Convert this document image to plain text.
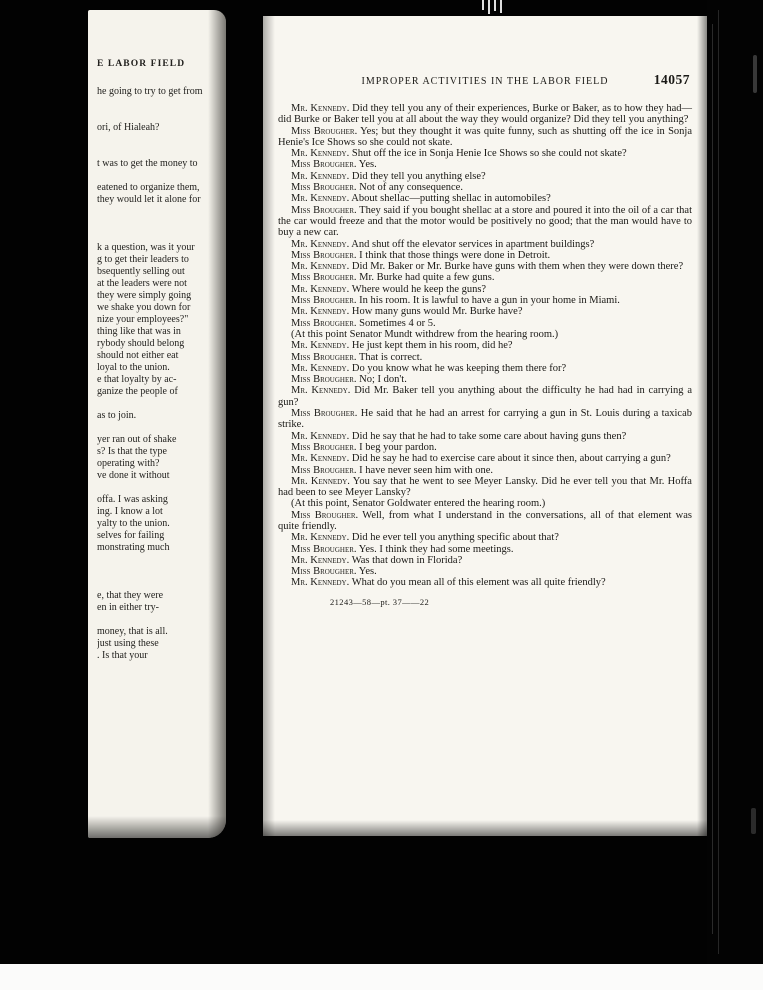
E LABOR FIELD
he going to try to get from
ori, of Hialeah?
t was to get the money to
eatened to organize them,
they would let it alone for
k a question, was it your
g to get their leaders to
bsequently selling out
at the leaders were not
they were simply going
we shake you down for
nize your employees?"
thing like that was in
rybody should belong
should not either eat
loyal to the union.
e that loyalty by ac-
ganize the people of
as to join.
yer ran out of shake
s? Is that the type
operating with?
ve done it without
offa. I was asking
ing. I know a lot
yalty to the union.
selves for failing
monstrating much
e, that they were
en in either try-
money, that is all.
just using these
. Is that your
IMPROPER ACTIVITIES IN THE LABOR FIELD	14057

Mr. Kennedy. Did they tell you any of their experiences, Burke or Baker, as to how they had—did Burke or Baker tell you at all about the way they would organize? Did they tell you anything?

Miss Brougher. Yes; but they thought it was quite funny, such as shutting off the ice in Sonja Henie's Ice Shows so she could not skate.

Mr. Kennedy. Shut off the ice in Sonja Henie Ice Shows so she could not skate?

Miss Brougher. Yes.

Mr. Kennedy. Did they tell you anything else?

Miss Brougher. Not of any consequence.

Mr. Kennedy. About shellac—putting shellac in automobiles?

Miss Brougher. They said if you bought shellac at a store and poured it into the oil of a car that the car would freeze and that the motor would be positively no good; that the man would have to buy a new car.

Mr. Kennedy. And shut off the elevator services in apartment buildings?

Miss Brougher. I think that those things were done in Detroit.

Mr. Kennedy. Did Mr. Baker or Mr. Burke have guns with them when they were down there?

Miss Brougher. Mr. Burke had quite a few guns.

Mr. Kennedy. Where would he keep the guns?

Miss Brougher. In his room. It is lawful to have a gun in your home in Miami.

Mr. Kennedy. How many guns would Mr. Burke have?

Miss Brougher. Sometimes 4 or 5.

(At this point Senator Mundt withdrew from the hearing room.)

Mr. Kennedy. He just kept them in his room, did he?

Miss Brougher. That is correct.

Mr. Kennedy. Do you know what he was keeping them there for?

Miss Brougher. No; I don't.

Mr. Kennedy. Did Mr. Baker tell you anything about the difficulty he had had in carrying a gun?

Miss Brougher. He said that he had an arrest for carrying a gun in St. Louis during a taxicab strike.

Mr. Kennedy. Did he say that he had to take some care about having guns then?

Miss Brougher. I beg your pardon.

Mr. Kennedy. Did he say he had to exercise care about it since then, about carrying a gun?

Miss Brougher. I have never seen him with one.

Mr. Kennedy. You say that he went to see Meyer Lansky. Did he ever tell you that Mr. Hoffa had been to see Meyer Lansky?

(At this point, Senator Goldwater entered the hearing room.)

Miss Brougher. Well, from what I understand in the conversations, all of that element was quite friendly.

Mr. Kennedy. Did he ever tell you anything specific about that?

Miss Brougher. Yes. I think they had some meetings.

Mr. Kennedy. Was that down in Florida?

Miss Brougher. Yes.

Mr. Kennedy. What do you mean all of this element was all quite friendly?

21243—58—pt. 37——22
